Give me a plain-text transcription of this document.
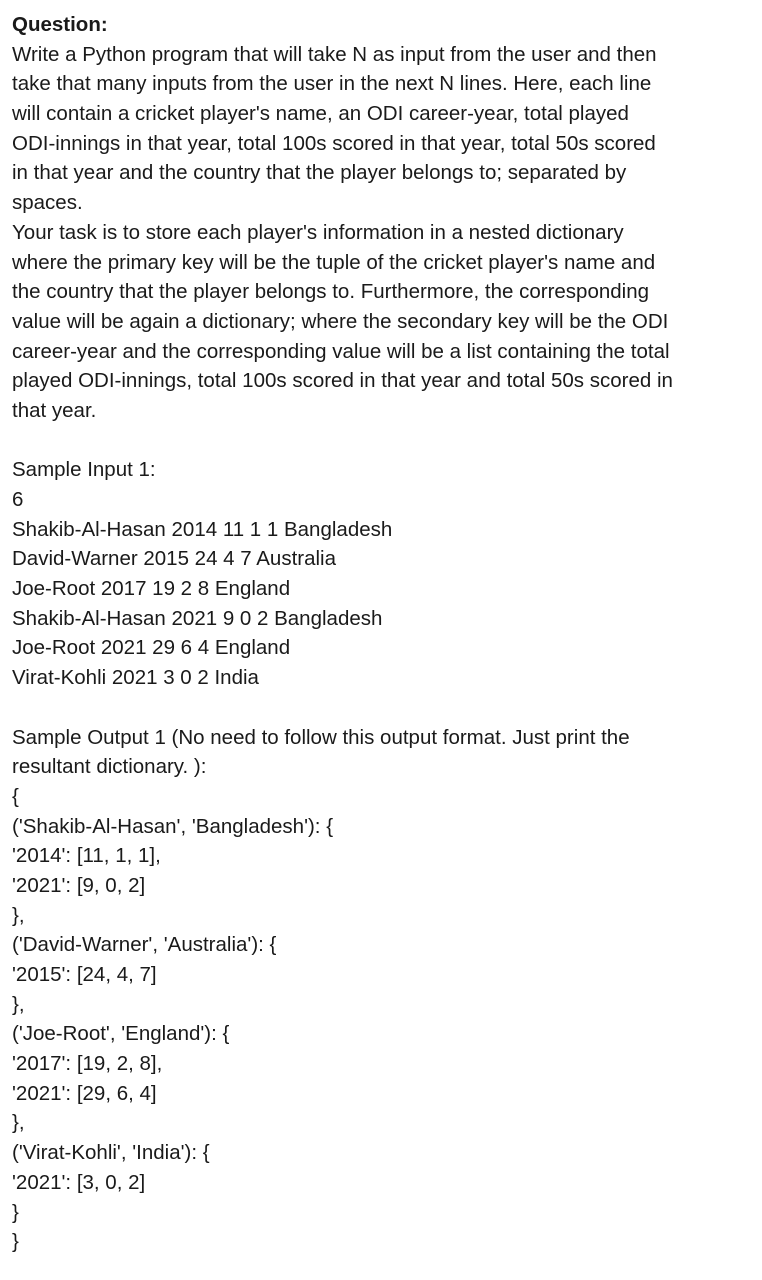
Question:
Write a Python program that will take N as input from the user and then
take that many inputs from the user in the next N lines. Here, each line
will contain a cricket player's name, an ODI career-year, total played
ODI-innings in that year, total 100s scored in that year, total 50s scored
in that year and the country that the player belongs to; separated by
spaces.
Your task is to store each player's information in a nested dictionary
where the primary key will be the tuple of the cricket player's name and
the country that the player belongs to. Furthermore, the corresponding
value will be again a dictionary; where the secondary key will be the ODI
career-year and the corresponding value will be a list containing the total
played ODI-innings, total 100s scored in that year and total 50s scored in
that year.
Sample Input 1:
6
Shakib-Al-Hasan 2014 11 1 1 Bangladesh
David-Warner 2015 24 4 7 Australia
Joe-Root 2017 19 2 8 England
Shakib-Al-Hasan 2021 9 0 2 Bangladesh
Joe-Root 2021 29 6 4 England
Virat-Kohli 2021 3 0 2 India
Sample Output 1 (No need to follow this output format. Just print the
resultant dictionary. ):
{
('Shakib-Al-Hasan', 'Bangladesh'): {
'2014': [11, 1, 1],
'2021': [9, 0, 2]
},
('David-Warner', 'Australia'): {
'2015': [24, 4, 7]
},
('Joe-Root', 'England'): {
'2017': [19, 2, 8],
'2021': [29, 6, 4]
},
('Virat-Kohli', 'India'): {
'2021': [3, 0, 2]
}
}
